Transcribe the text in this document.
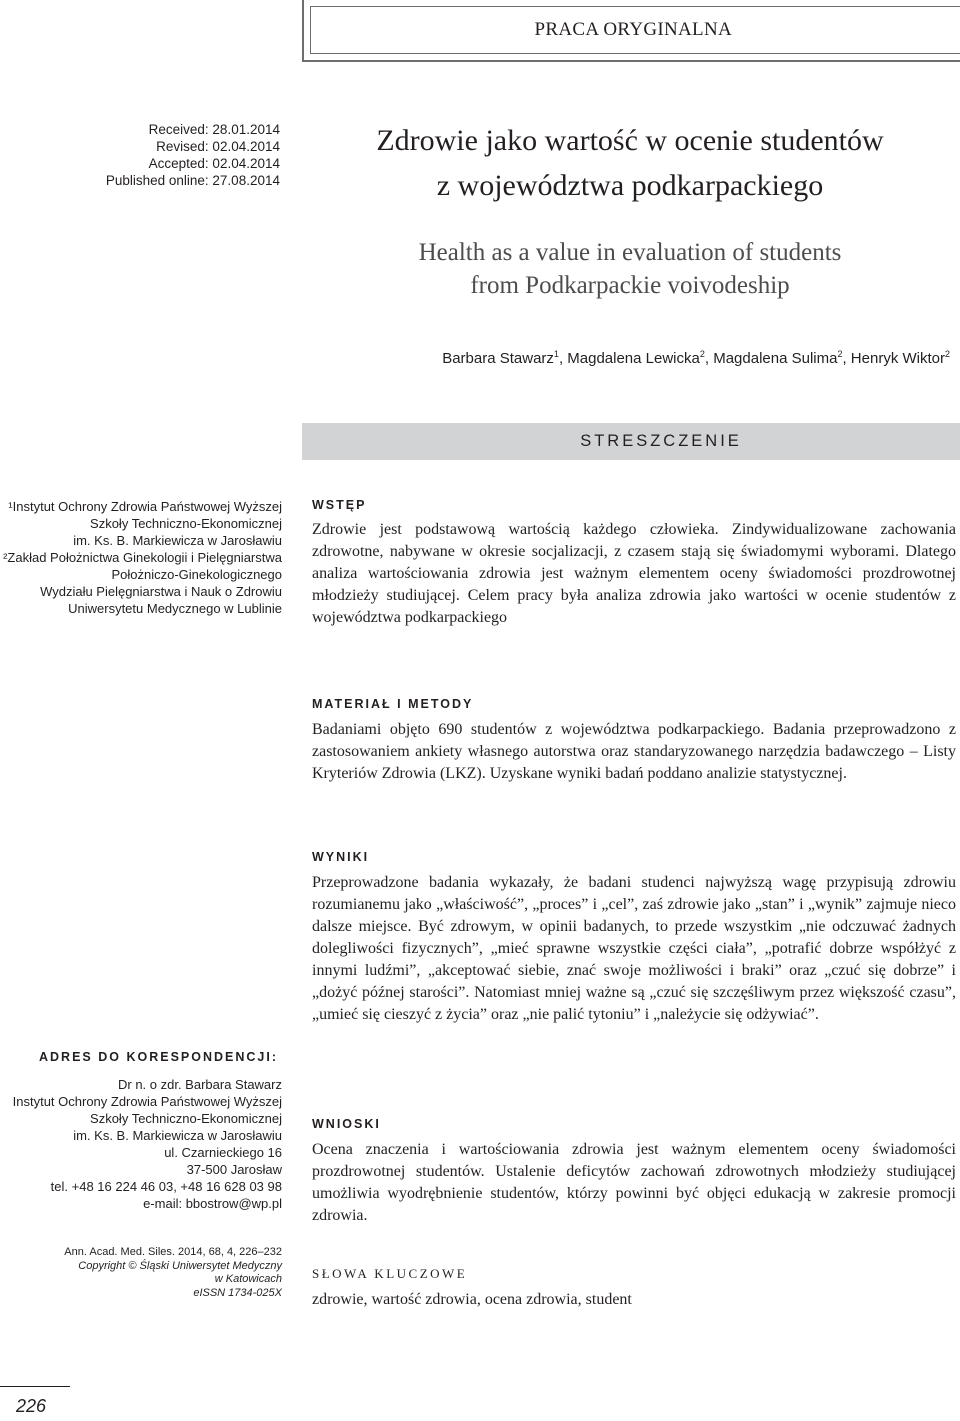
PRACA ORYGINALNA
Received: 28.01.2014
Revised: 02.04.2014
Accepted: 02.04.2014
Published online: 27.08.2014
Zdrowie jako wartość w ocenie studentów
z województwa podkarpackiego
Health as a value in evaluation of students
from Podkarpackie voivodeship
Barbara Stawarz$^1$, Magdalena Lewicka$^2$, Magdalena Sulima$^2$, Henryk Wiktor$^2$
STRESZCZENIE

¹Instytut Ochrony Zdrowia Państwowej Wyższej

Szkoły Techniczno-Ekonomicznej

im. Ks. B. Markiewicza w Jarosławiu

²Zakład Położnictwa Ginekologii i Pielęgniarstwa

Położniczo-Ginekologicznego

Wydziału Pielęgniarstwa i Nauk o Zdrowiu

Uniwersytetu Medycznego w Lublinie

WSTĘP
Zdrowie jest podstawową wartością każdego człowieka. Zindywidualizowane zachowania zdrowotne, nabywane w okresie socjalizacji, z czasem stają się świadomymi wyborami. Dlatego analiza wartościowania zdrowia jest ważnym elementem oceny świadomości prozdrowotnej młodzieży studiującej. Celem pracy była analiza zdrowia jako wartości w ocenie studentów z województwa podkarpackiego
MATERIAŁ I METODY
Badaniami objęto 690 studentów z województwa podkarpackiego. Badania przeprowadzono z zastosowaniem ankiety własnego autorstwa oraz standaryzowanego narzędzia badawczego – Listy Kryteriów Zdrowia (LKZ). Uzyskane wyniki badań poddano analizie statystycznej.
WYNIKI
Przeprowadzone badania wykazały, że badani studenci najwyższą wagę przypisują zdrowiu rozumianemu jako „właściwość”, „proces” i „cel”, zaś zdrowie jako „stan” i „wynik” zajmuje nieco dalsze miejsce. Być zdrowym, w opinii badanych, to przede wszystkim „nie odczuwać żadnych dolegliwości fizycznych”, „mieć sprawne wszystkie części ciała”, „potrafić dobrze współżyć z innymi ludźmi”, „akceptować siebie, znać swoje możliwości i braki” oraz „czuć się dobrze” i „dożyć późnej starości”. Natomiast mniej ważne są „czuć się szczęśliwym przez większość czasu”, „umieć się cieszyć z życia” oraz „nie palić tytoniu” i „należycie się odżywiać”.
WNIOSKI
Ocena znaczenia i wartościowania zdrowia jest ważnym elementem oceny świadomości prozdrowotnej studentów. Ustalenie deficytów zachowań zdrowotnych młodzieży studiującej umożliwia wyodrębnienie studentów, którzy powinni być objęci edukacją w zakresie promocji zdrowia.
SŁOWA KLUCZOWE
zdrowie, wartość zdrowia, ocena zdrowia, student
ADRES DO KORESPONDENCJI:

Dr n. o zdr. Barbara Stawarz

Instytut Ochrony Zdrowia Państwowej Wyższej

Szkoły Techniczno-Ekonomicznej

im. Ks. B. Markiewicza w Jarosławiu

ul. Czarnieckiego 16

37-500 Jarosław

tel. +48 16 224 46 03, +48 16 628 03 98

e-mail: bbostrow@wp.pl

Ann. Acad. Med. Siles. 2014, 68, 4, 226–232

Copyright © Śląski Uniwersytet Medyczny

w Katowicach

eISSN 1734-025X

226
